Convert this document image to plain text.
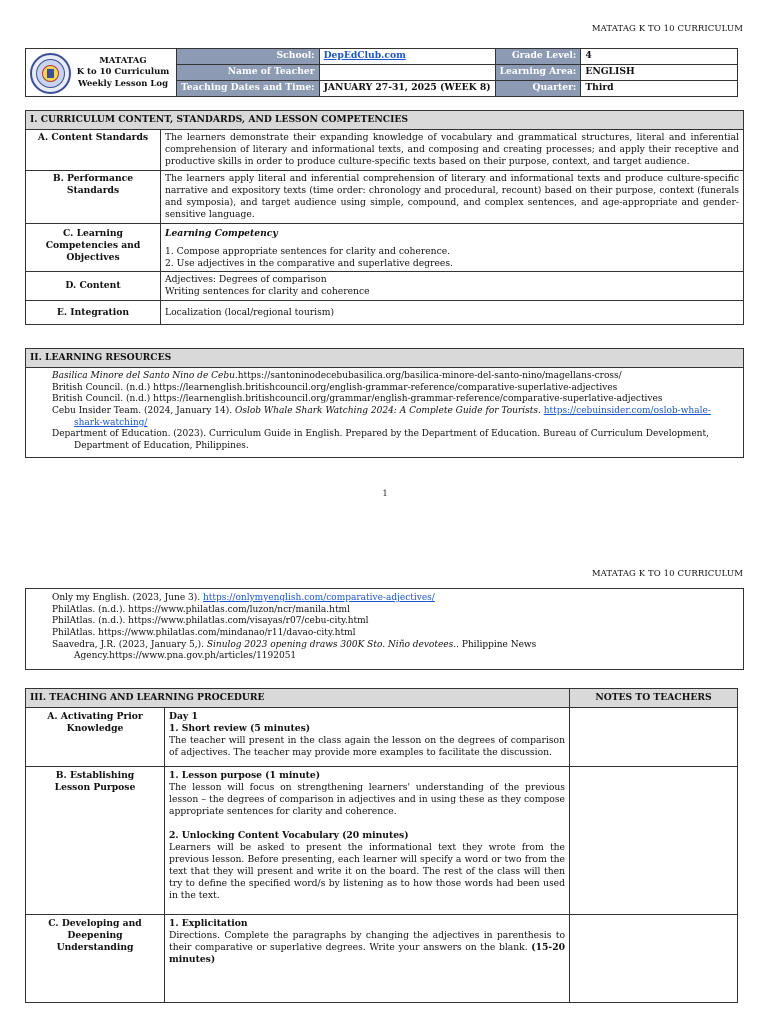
MATATAG K TO 10 CURRICULUM
MATATAG
K to 10 Curriculum
Weekly Lesson Log	School:	DepEdClub.com	Grade Level:	4
	Name of Teacher		Learning Area:	ENGLISH
	Teaching Dates and Time:	JANUARY 27-31, 2025 (WEEK 8)	Quarter:	Third
I. CURRICULUM CONTENT, STANDARDS, AND LESSON COMPETENCIES	
A. Content Standards	The learners demonstrate their expanding knowledge of vocabulary and grammatical structures, literal and inferential comprehension of literary and informational texts, and composing and creating processes; and apply their receptive and productive skills in order to produce culture-specific texts based on their purpose, context, and target audience.
B. Performance Standards	The learners apply literal and inferential comprehension of literary and informational texts and produce culture-specific narrative and expository texts (time order: chronology and procedural, recount) based on their purpose, context (funerals and symposia), and target audience using simple, compound, and complex sentences, and age-appropriate and gender-sensitive language.
C. Learning Competencies and Objectives	Learning Competency

1. Compose appropriate sentences for clarity and coherence.

2. Use adjectives in the comparative and superlative degrees.

D. Content	Adjectives: Degrees of comparison

Writing sentences for clarity and coherence

E. Integration	Localization (local/regional tourism)
II. LEARNING RESOURCES

Basilica Minore del Santo Nino de Cebu.https://santoninodecebubasilica.org/basilica-minore-del-santo-nino/magellans-cross/

British Council. (n.d.) https://learnenglish.britishcouncil.org/english-grammar-reference/comparative-superlative-adjectives

British Council. (n.d.) https://learnenglish.britishcouncil.org/grammar/english-grammar-reference/comparative-superlative-adjectives

Cebu Insider Team. (2024, January 14). Oslob Whale Shark Watching 2024: A Complete Guide for Tourists. https://cebuinsider.com/oslob-whale-shark-watching/

Department of Education. (2023). Curriculum Guide in English. Prepared by the Department of Education. Bureau of Curriculum Development, Department of Education, Philippines.

1
MATATAG K TO 10 CURRICULUM

Only my English. (2023, June 3). https://onlymyenglish.com/comparative-adjectives/

PhilAtlas. (n.d.). https://www.philatlas.com/luzon/ncr/manila.html

PhilAtlas. (n.d.). https://www.philatlas.com/visayas/r07/cebu-city.html

PhilAtlas. https://www.philatlas.com/mindanao/r11/davao-city.html

Saavedra, J.R. (2023, January 5,). Sinulog 2023 opening draws 300K Sto. Niño devotees.. Philippine News Agency.https://www.pna.gov.ph/articles/1192051

III. TEACHING AND LEARNING PROCEDURE		NOTES TO TEACHERS
A. Activating Prior Knowledge	Day 1

1. Short review (5 minutes)

The teacher will present in the class again the lesson on the degrees of comparison of adjectives. The teacher may provide more examples to facilitate the discussion.	

B. Establishing Lesson Purpose	1. Lesson purpose (1 minute)

The lesson will focus on strengthening learners' understanding of the previous lesson – the degrees of comparison in adjectives and in using these as they compose appropriate sentences for clarity and coherence.

2. Unlocking Content Vocabulary (20 minutes)

Learners will be asked to present the informational text they wrote from the previous lesson. Before presenting, each learner will specify a word or two from the text that they will present and write it on the board. The rest of the class will then try to define the specified word/s by listening as to how those words had been used in the text.	

C. Developing and Deepening Understanding	1. Explicitation

Directions. Complete the paragraphs by changing the adjectives in parenthesis to their comparative or superlative degrees. Write your answers on the blank. (15-20 minutes)	
